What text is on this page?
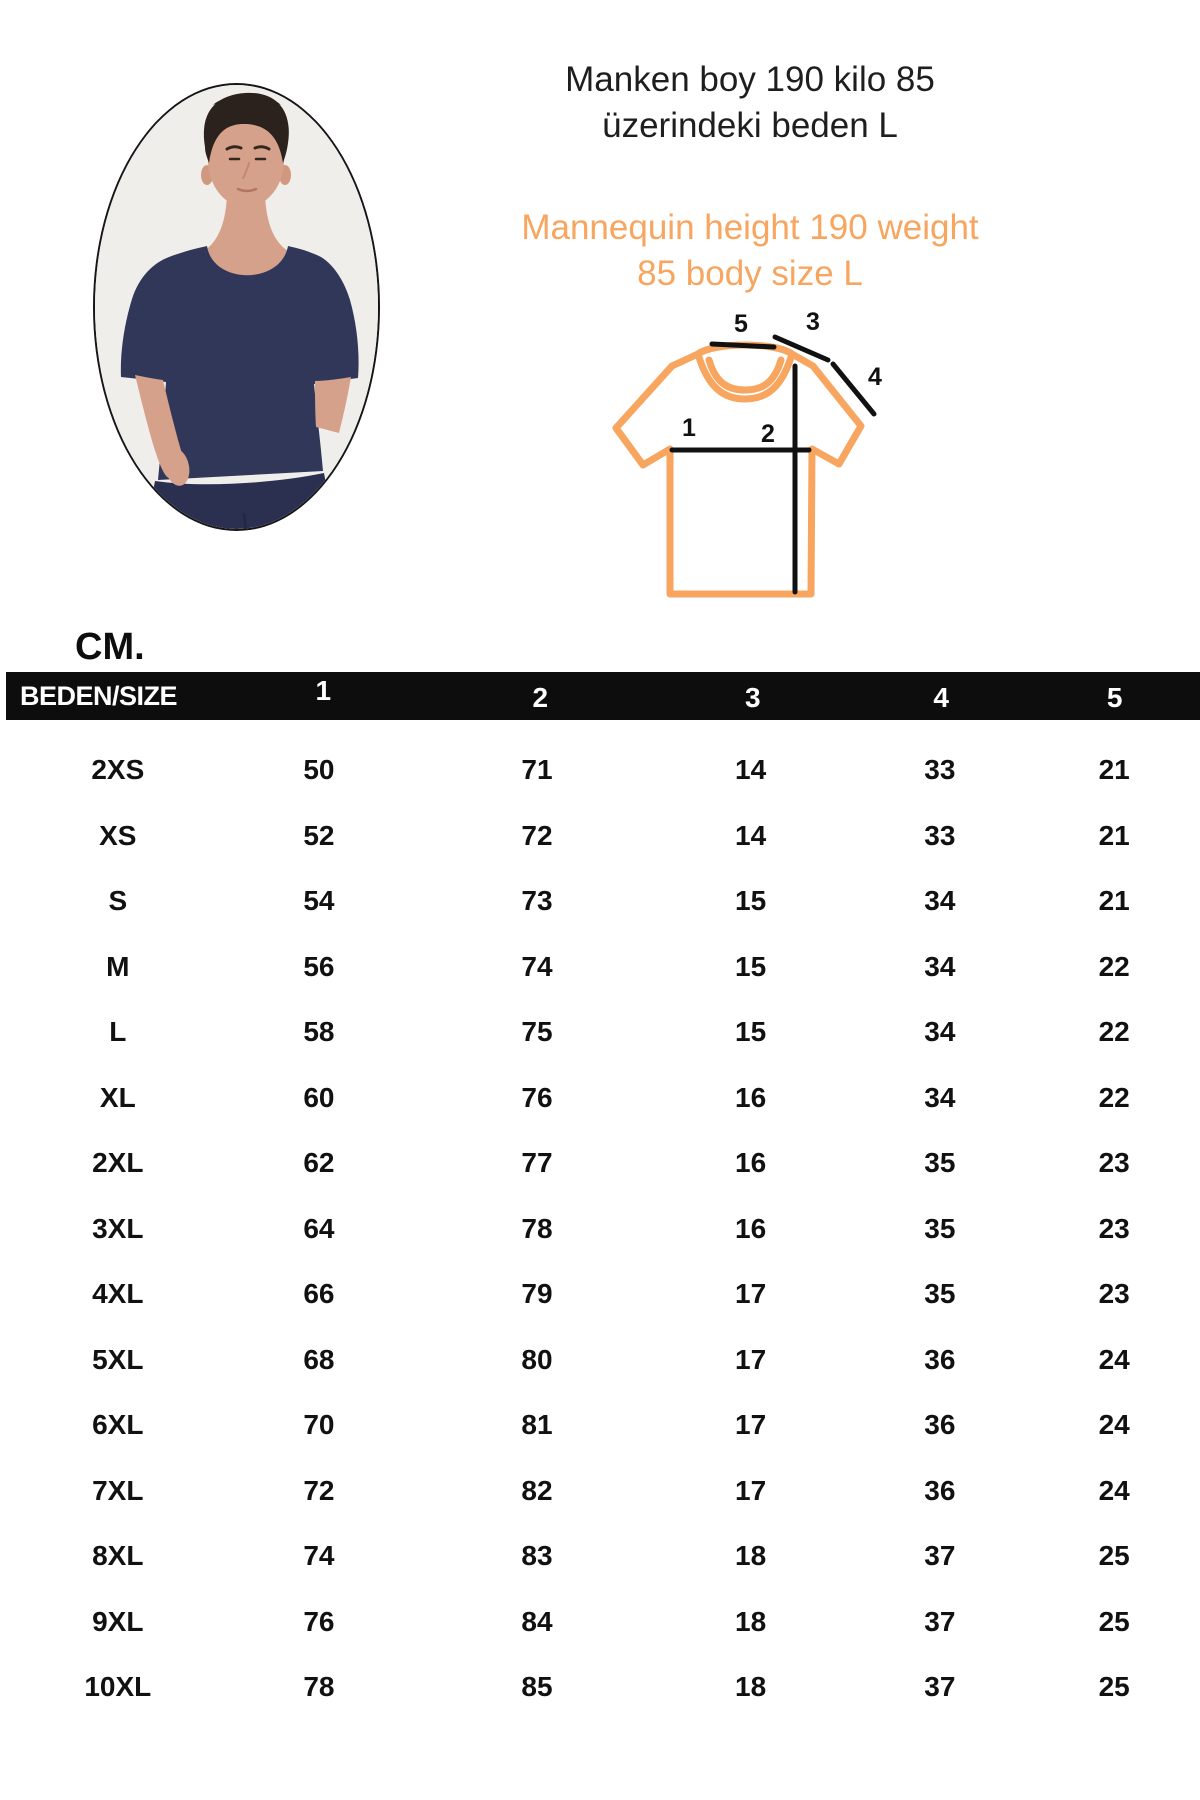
Manken boy 190 kilo 85
üzerindeki beden L
Mannequin height 190 weight
85 body size L
1	2
3
4
5
CM.
BEDEN/SIZE	1	2	3	4	5
2XS	50	71	14	33	21
XS	52	72	14	33	21
S	54	73	15	34	21
M	56	74	15	34	22
L	58	75	15	34	22
XL	60	76	16	34	22
2XL	62	77	16	35	23
3XL	64	78	16	35	23
4XL	66	79	17	35	23
5XL	68	80	17	36	24
6XL	70	81	17	36	24
7XL	72	82	17	36	24
8XL	74	83	18	37	25
9XL	76	84	18	37	25
10XL	78	85	18	37	25
